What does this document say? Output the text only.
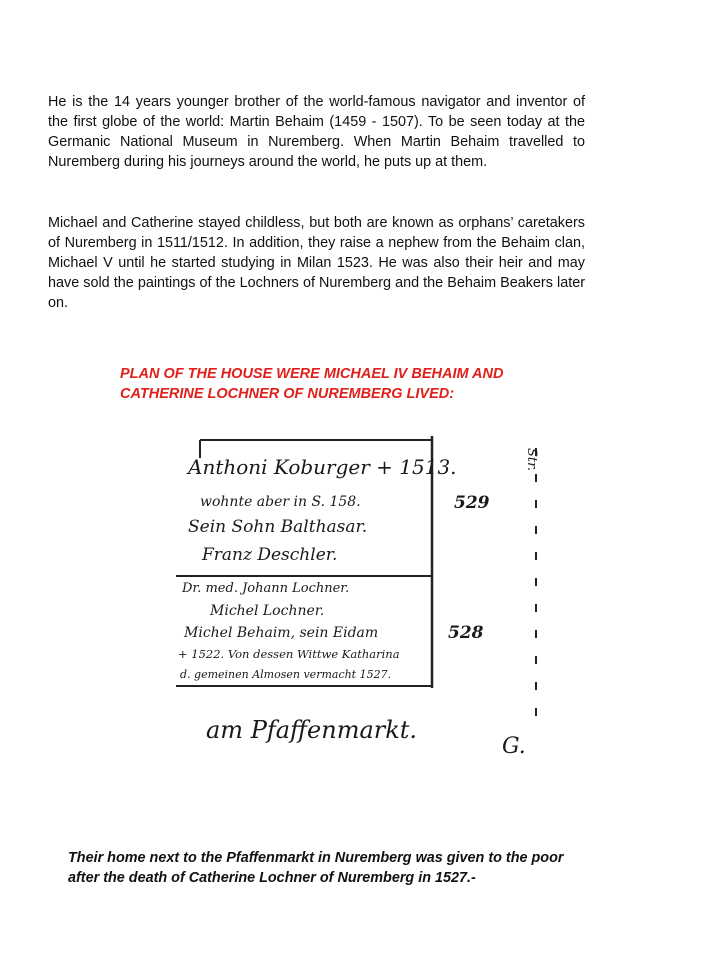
He is the 14 years younger brother of the world-famous navigator and inventor of the first globe of the world: Martin Behaim (1459 - 1507). To be seen today at the Germanic National Museum in Nuremberg. When Martin Behaim travelled to Nuremberg during his journeys around the world, he puts up at them.

Michael and Catherine stayed childless, but both are known as orphans’ caretakers of Nuremberg in 1511/1512. In addition, they raise a nephew from the Behaim clan, Michael V until he started studying in Milan 1523. He was also their heir and may have sold the paintings of the Lochners of Nuremberg and the Behaim Beakers later on.

PLAN OF THE HOUSE WERE MICHAEL IV BEHAIM AND
CATHERINE LOCHNER OF NUREMBERG LIVED:
Anthoni Koburger + 1513.
wohnte aber in S. 158.
Sein Sohn Balthasar.
Franz Deschler.
529
Dr. med. Johann Lochner.
Michel Lochner.
Michel Behaim, sein Eidam
+ 1522. Von dessen Wittwe Katharina
d. gemeinen Almosen vermacht 1527.
528
am Pfaffenmarkt.
Str.
G.
Their home next to the Pfaffenmarkt in Nuremberg was given to the poor
after the death of Catherine Lochner of Nuremberg in 1527.-
